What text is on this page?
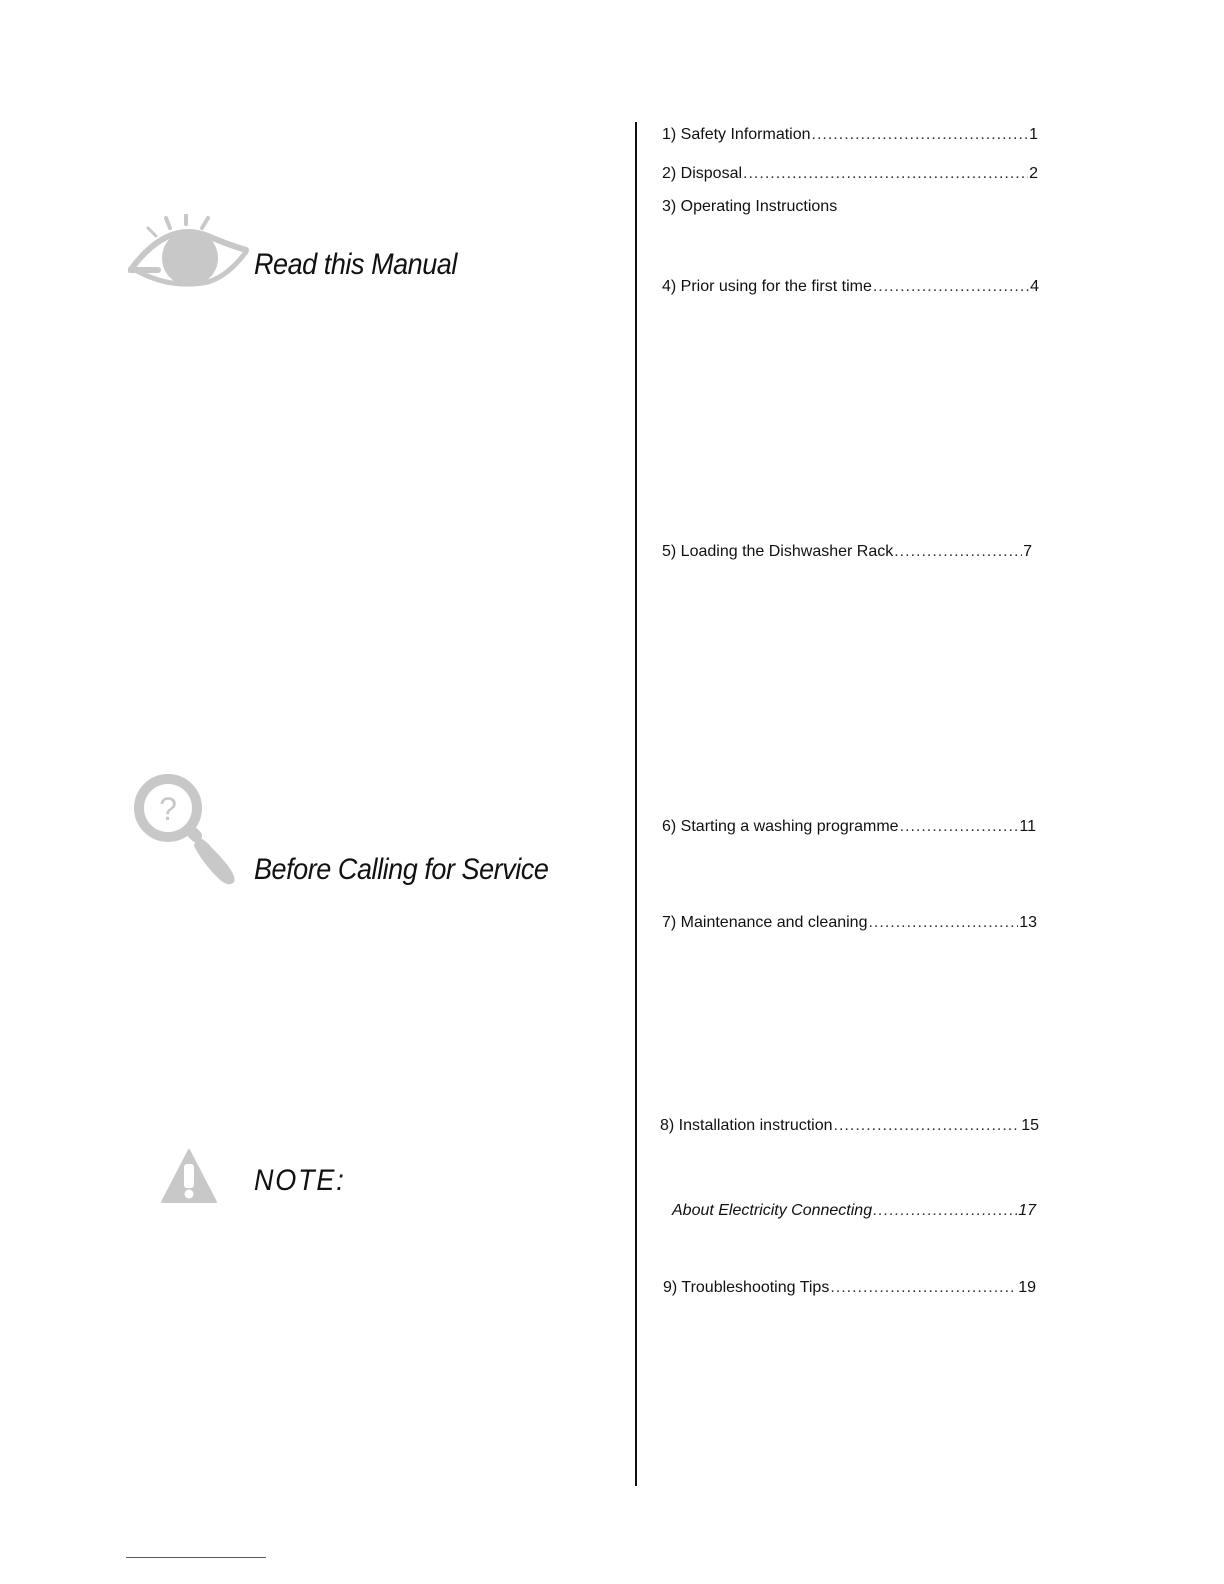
Read this Manual
?
Before Calling for Service
NOTE:
1) Safety Information .....	1
2) Disposal .....	2
3) Operating Instructions
4) Prior using for the first time .....	4
5) Loading the Dishwasher Rack .....	7
6) Starting a washing programme .....	11
7) Maintenance and cleaning .....	13
8) Installation instruction .....	15
About Electricity Connecting .....	17
9) Troubleshooting Tips .....	19
